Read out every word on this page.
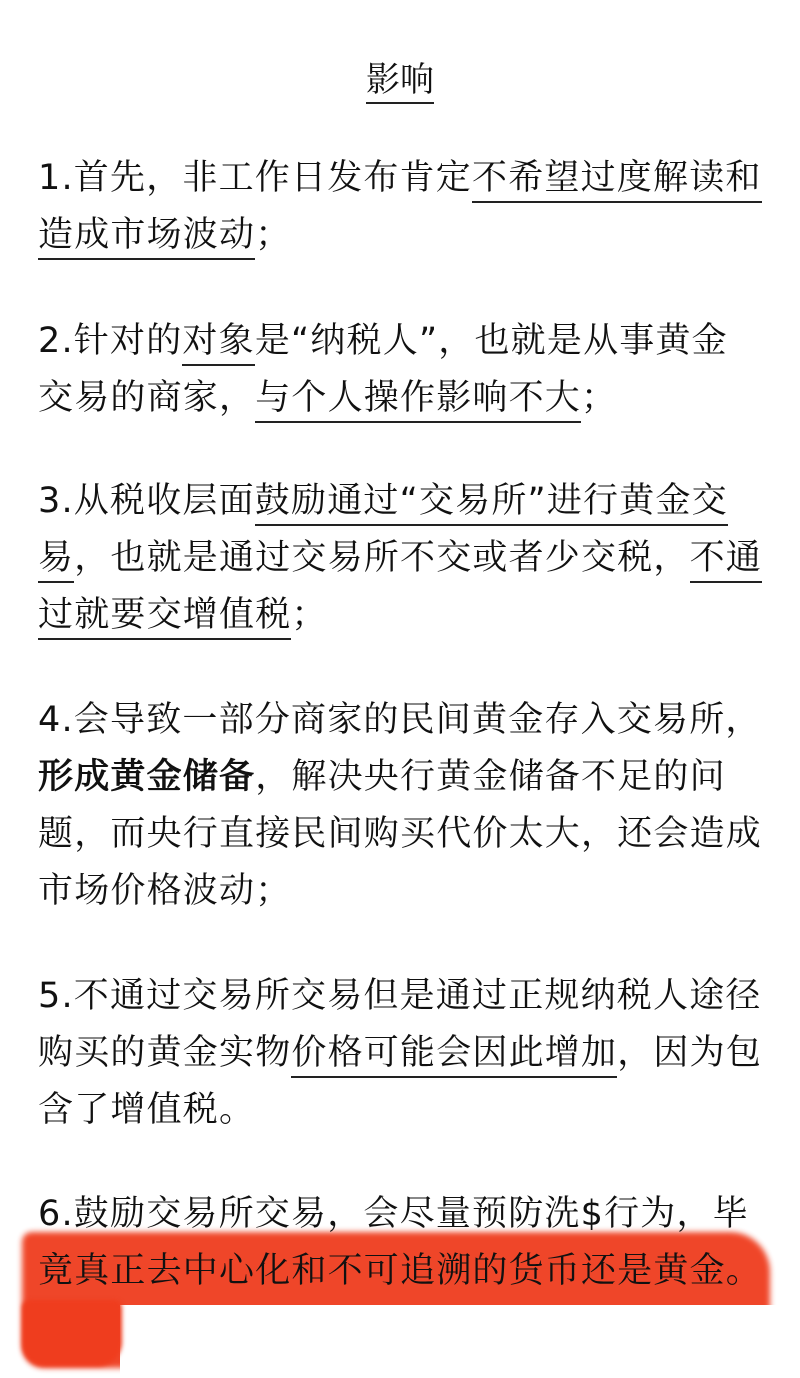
影响

1.首先，非工作日发布肯定不希望过度解读和造成市场波动；

2.针对的对象是“纳税人”，也就是从事黄金交易的商家，与个人操作影响不大；

3.从税收层面鼓励通过“交易所”进行黄金交易，也就是通过交易所不交或者少交税，不通过就要交增值税；

4.会导致一部分商家的民间黄金存入交易所，形成黄金储备，解决央行黄金储备不足的问题，而央行直接民间购买代价太大，还会造成市场价格波动；

5.不通过交易所交易但是通过正规纳税人途径购买的黄金实物价格可能会因此增加，因为包含了增值税。

6.鼓励交易所交易，会尽量预防洗$行为，毕竟真正去中心化和不可追溯的货币还是黄金。
